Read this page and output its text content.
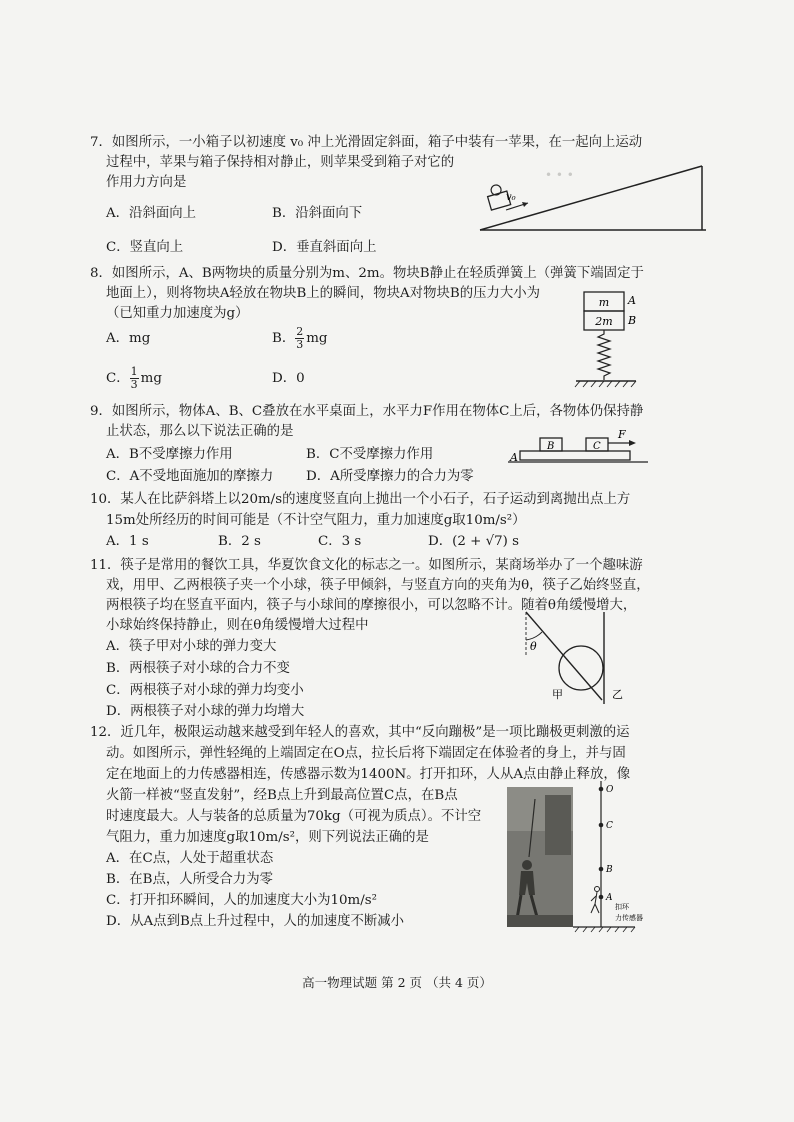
• • •
7．如图所示，一小箱子以初速度 v₀ 冲上光滑固定斜面，箱子中装有一苹果，在一起向上运动
过程中，苹果与箱子保持相对静止，则苹果受到箱子对它的
作用力方向是
A．沿斜面向上	B．沿斜面向下
C．竖直向上	D．垂直斜面向上
v₀
8．如图所示，A、B两物块的质量分别为m、2m。物块B静止在轻质弹簧上（弹簧下端固定于
地面上），则将物块A轻放在物块B上的瞬间，物块A对物块B的压力大小为
（已知重力加速度为g）
A．mg	B． $\frac{2}{3}$ mg
C． $\frac{1}{3}$ mg	D．0
m
2m
A
B
9．如图所示，物体A、B、C叠放在水平桌面上，水平力F作用在物体C上后，各物体仍保持静
止状态，那么以下说法正确的是
A．B不受摩擦力作用	B．C不受摩擦力作用
C．A不受地面施加的摩擦力 D．A所受摩擦力的合力为零
A
B	C
F
10．某人在比萨斜塔上以20m/s的速度竖直向上抛出一个小石子，石子运动到离抛出点上方
15m处所经历的时间可能是（不计空气阻力，重力加速度g取10m/s²）
A．1 s	B．2 s	C．3 s	D．(2 + √7) s
11．筷子是常用的餐饮工具，华夏饮食文化的标志之一。如图所示，某商场举办了一个趣味游
戏，用甲、乙两根筷子夹一个小球，筷子甲倾斜，与竖直方向的夹角为θ，筷子乙始终竖直，
两根筷子均在竖直平面内，筷子与小球间的摩擦很小，可以忽略不计。随着θ角缓慢增大，
小球始终保持静止，则在θ角缓慢增大过程中
A．筷子甲对小球的弹力变大
B．两根筷子对小球的合力不变
C．两根筷子对小球的弹力均变小
D．两根筷子对小球的弹力均增大
θ
甲	乙
12．近几年，极限运动越来越受到年轻人的喜欢，其中“反向蹦极”是一项比蹦极更刺激的运
动。如图所示，弹性轻绳的上端固定在O点，拉长后将下端固定在体验者的身上，并与固
定在地面上的力传感器相连，传感器示数为1400N。打开扣环，人从A点由静止释放，像
火箭一样被“竖直发射”，经B点上升到最高位置C点，在B点
时速度最大。人与装备的总质量为70kg（可视为质点）。不计空
气阻力，重力加速度g取10m/s²，则下列说法正确的是
A．在C点，人处于超重状态
B．在B点，人所受合力为零
C．打开扣环瞬间，人的加速度大小为10m/s²
D．从A点到B点上升过程中，人的加速度不断减小
O
C
B
A
扣环
力传感器
高一物理试题 第 2 页 （共 4 页）
